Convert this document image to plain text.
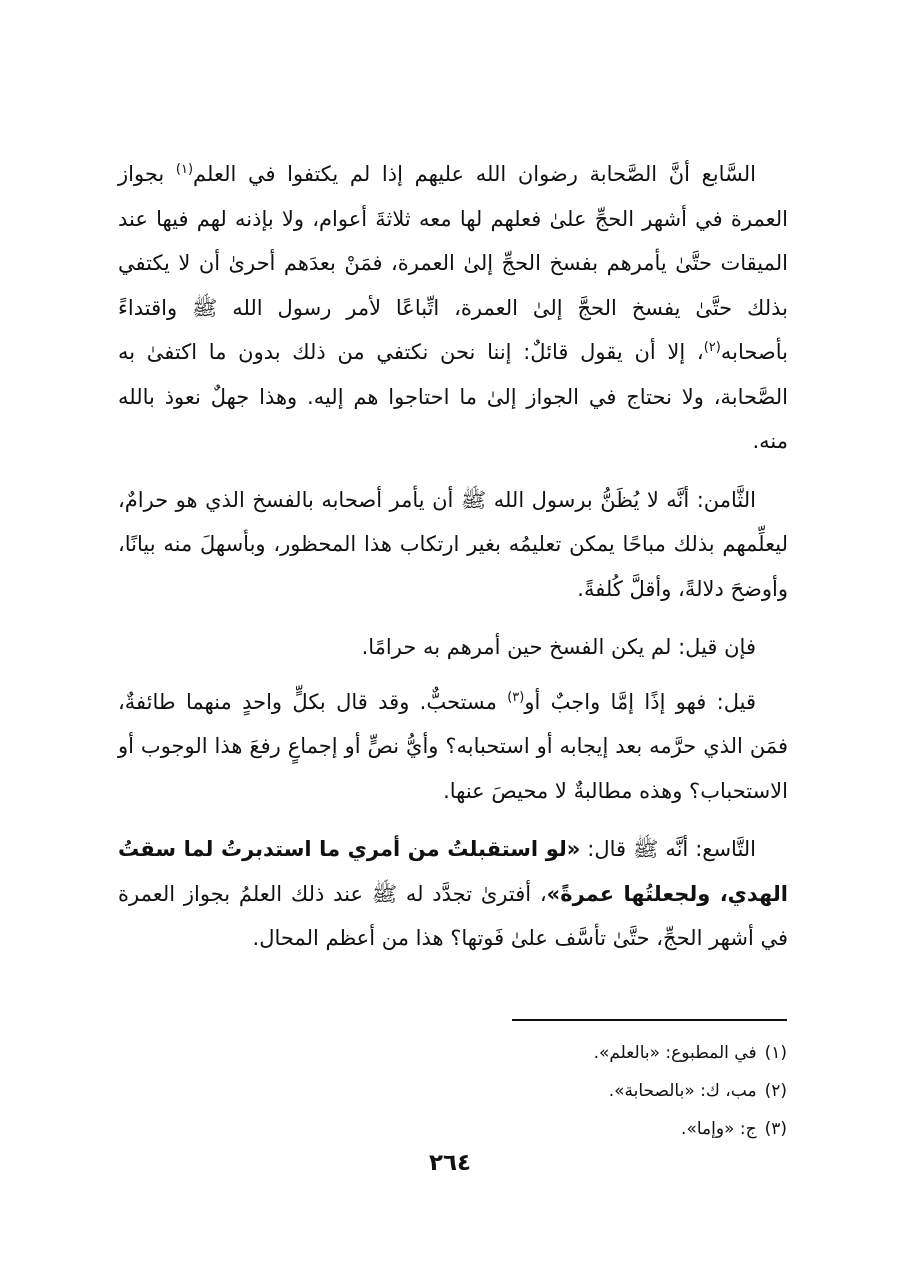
السَّابع أنَّ الصَّحابة رضوان الله عليهم إذا لم يكتفوا في العلم$^{(١)}$ بجواز العمرة في أشهر الحجِّ علىٰ فعلهم لها معه ثلاثةَ أعوام، ولا بإذنه لهم فيها عند الميقات حتَّىٰ يأمرهم بفسخ الحجِّ إلىٰ العمرة، فمَنْ بعدَهم أحرىٰ أن لا يكتفي بذلك حتَّىٰ يفسخ الحجَّ إلىٰ العمرة، اتِّباعًا لأمر رسول الله ﷺ واقتداءً بأصحابه$^{(٢)}$، إلا أن يقول قائلٌ: إننا نحن نكتفي من ذلك بدون ما اكتفىٰ به الصَّحابة، ولا نحتاج في الجواز إلىٰ ما احتاجوا هم إليه. وهذا جهلٌ نعوذ بالله منه.

الثَّامن: أنَّه لا يُظَنُّ برسول الله ﷺ أن يأمر أصحابه بالفسخ الذي هو حرامٌ، ليعلِّمهم بذلك مباحًا يمكن تعليمُه بغير ارتكاب هذا المحظور، وبأسهلَ منه بيانًا، وأوضحَ دلالةً، وأقلَّ كُلفةً.

فإن قيل: لم يكن الفسخ حين أمرهم به حرامًا.

قيل: فهو إذًا إمَّا واجبٌ أو$^{(٣)}$ مستحبٌّ. وقد قال بكلٍّ واحدٍ منهما طائفةٌ، فمَن الذي حرَّمه بعد إيجابه أو استحبابه؟ وأيُّ نصٍّ أو إجماعٍ رفعَ هذا الوجوب أو الاستحباب؟ وهذه مطالبةٌ لا محيصَ عنها.

التَّاسع: أنَّه ﷺ قال: «لو استقبلتُ من أمري ما استدبرتُ لما سقتُ الهدي، ولجعلتُها عمرةً»، أفترىٰ تجدَّد له ﷺ عند ذلك العلمُ بجواز العمرة في أشهر الحجِّ، حتَّىٰ تأسَّف علىٰ فَوتها؟ هذا من أعظم المحال.

(١)في المطبوع: «بالعلم».
(٢)مب، ك: «بالصحابة».
(٣)ج: «وإما».
٢٦٤
